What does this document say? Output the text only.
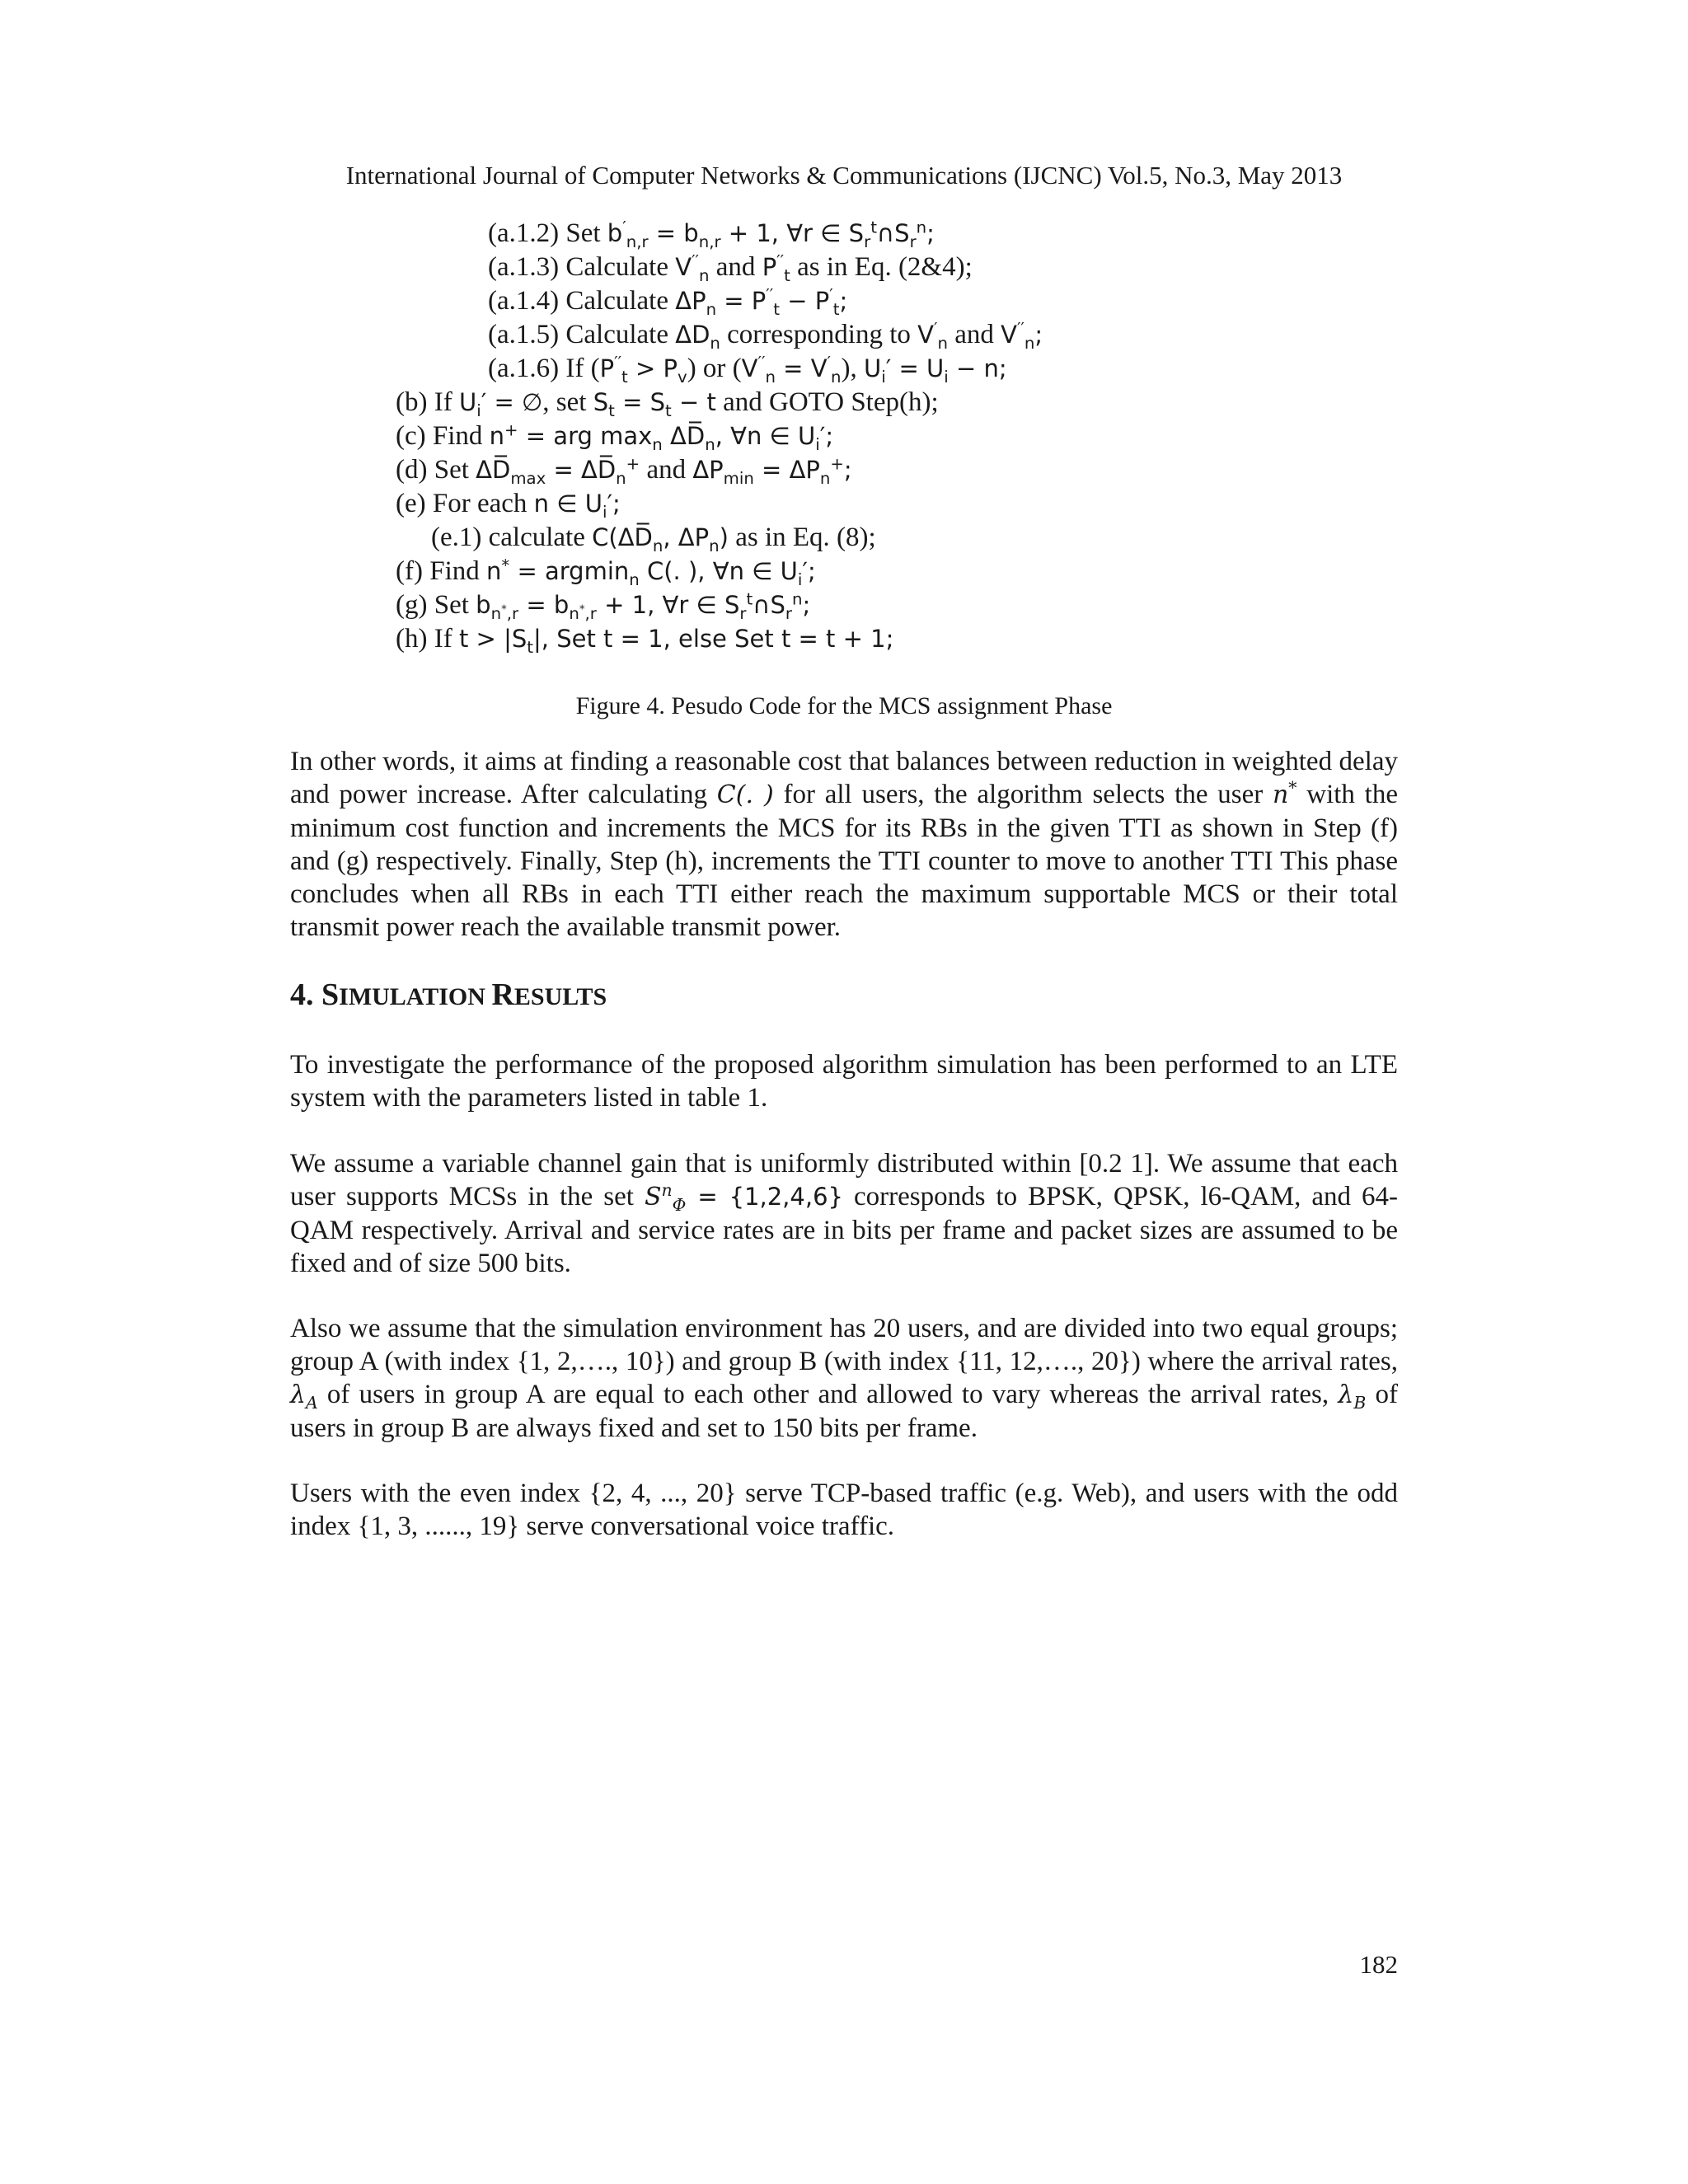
International Journal of Computer Networks & Communications (IJCNC) Vol.5, No.3, May 2013
(a.1.2) Set $b'_{n,r} = b_{n,r} + 1$, ∀r ∈ $S_r^t\cap S_r^n$;
(a.1.3) Calculate $V''_n$ and $P''_t$ as in Eq. (2&4);
(a.1.4) Calculate $\Delta P_n = P''_t - P'_t$;
(a.1.5) Calculate $\Delta D_n$ corresponding to $V'_n$ and $V''_n$;
(a.1.6) If $(P''_t > P_v)$ or $(V''_n = V'_n)$, $U_i' = U_i - n$;
(b) If $U_i'$ = ∅, set $S_t = S_t - t$ and GOTO Step(h);
(c) Find n+ = arg $\max_n$ $\Delta D̅_n$, ∀n ∈ $U_i'$;
(d) Set $\Delta D̅_{max}$ = $\Delta D̅_n^+$ and $\Delta P_{min} = \Delta P_n^+$;
(e) For each n ∈ $U_i'$;
(e.1) calculate $C(\Delta D̅_n$, $\Delta P_n$) as in Eq. (8);
(f) Find n* = argmin$_n$ C(. ), ∀n ∈ $U_i'$;
(g) Set $b_{n^*,r} = b_{n^*,r} + 1$, ∀r ∈ $S_r^t\cap S_r^n$;
(h) If $t > |S_t|$, Set t = 1, else Set t = t + 1;
Figure 4. Pesudo Code for the MCS assignment Phase

In other words, it aims at finding a reasonable cost that balances between reduction in weighted delay and power increase. After calculating C(. ) for all users, the algorithm selects the user n* with the minimum cost function and increments the MCS for its RBs in the given TTI as shown in Step (f) and (g) respectively. Finally, Step (h), increments the TTI counter to move to another TTI This phase concludes when all RBs in each TTI either reach the maximum supportable MCS or their total transmit power reach the available transmit power.

4. SIMULATION RESULTS

To investigate the performance of the proposed algorithm simulation has been performed to an LTE system with the parameters listed in table 1.

We assume a variable channel gain that is uniformly distributed within [0.2 1]. We assume that each user supports MCSs in the set $S^n_\Phi = \{1,2,4,6\}$ corresponds to BPSK, QPSK, l6-QAM, and 64-QAM respectively. Arrival and service rates are in bits per frame and packet sizes are assumed to be fixed and of size 500 bits.

Also we assume that the simulation environment has 20 users, and are divided into two equal groups; group A (with index {1, 2,…., 10}) and group B (with index {11, 12,…., 20}) where the arrival rates, $\lambda_A$ of users in group A are equal to each other and allowed to vary whereas the arrival rates, $\lambda_B$ of users in group B are always fixed and set to 150 bits per frame.

Users with the even index {2, 4, ..., 20} serve TCP-based traffic (e.g. Web), and users with the odd index {1, 3, ......, 19} serve conversational voice traffic.

182
